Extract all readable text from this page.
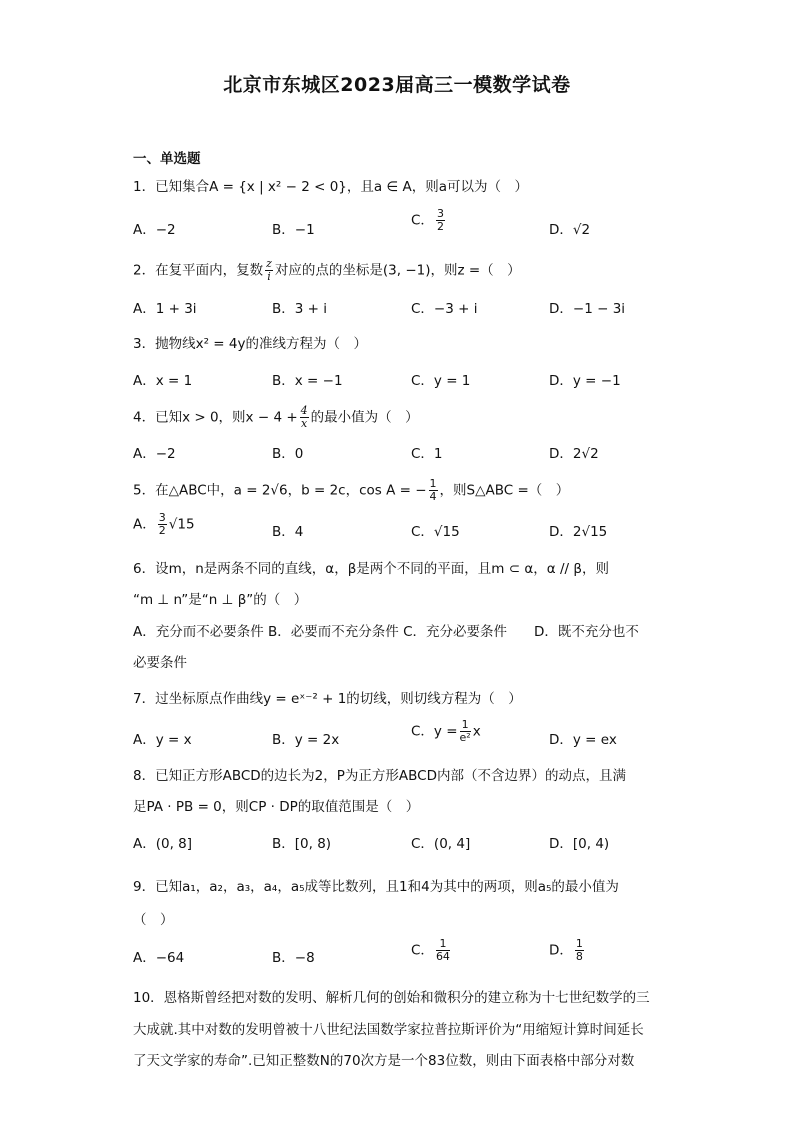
北京市东城区2023届高三一模数学试卷
一、单选题
1．已知集合A = {x | x² − 2 < 0}，且a ∈ A，则a可以为（　）
A．−2	B．−1
C． $\frac{3}{2}$	D．√2
2．在复平面内，复数 $\frac{z}{i}$ 对应的点的坐标是(3, −1)，则z =（　）
A．1 + 3i	B．3 + i	C．−3 + i	D．−1 − 3i
3．抛物线x² = 4y的准线方程为（　）
A．x = 1	B．x = −1	C．y = 1	D．y = −1
4．已知x > 0，则$x - 4 + \frac{4}{x}$ 的最小值为（　）
A．−2	B．0	C．1	D．2√2
5．在△ABC中，a = 2√6，b = 2c，cos A = − $\frac{1}{4}$ ，则S△ABC =（　）
A． $\frac{3}{2} √15$	B．4	C．√15	D．2√15
6．设m，n是两条不同的直线，α，β是两个不同的平面，且m ⊂ α，α // β，则
“m ⊥ n”是“n ⊥ β”的（　）
A．充分而不必要条件 B．必要而不充分条件 C．充分必要条件　　D．既不充分也不
必要条件
7．过坐标原点作曲线y = eˣ⁻² + 1的切线，则切线方程为（　）
A．y = x	B．y = 2x
C．$y = \frac{1}{\text{e²}}$ x
D．y = ex
8．已知正方形ABCD的边长为2，P为正方形ABCD内部（不含边界）的动点，且满
足PA · PB = 0，则CP · DP的取值范围是（　）
A．(0, 8]	B．[0, 8)	C．(0, 4]	D．[0, 4)
9．已知a₁，a₂，a₃，a₄，a₅成等比数列，且1和4为其中的两项，则a₅的最小值为
（　）
A．−64	B．−8	C． $\frac{1}{64}$	D． $\frac{1}{8}$
10．恩格斯曾经把对数的发明、解析几何的创始和微积分的建立称为十七世纪数学的三
大成就.其中对数的发明曾被十八世纪法国数学家拉普拉斯评价为“用缩短计算时间延长
了天文学家的寿命”.已知正整数N的70次方是一个83位数，则由下面表格中部分对数
